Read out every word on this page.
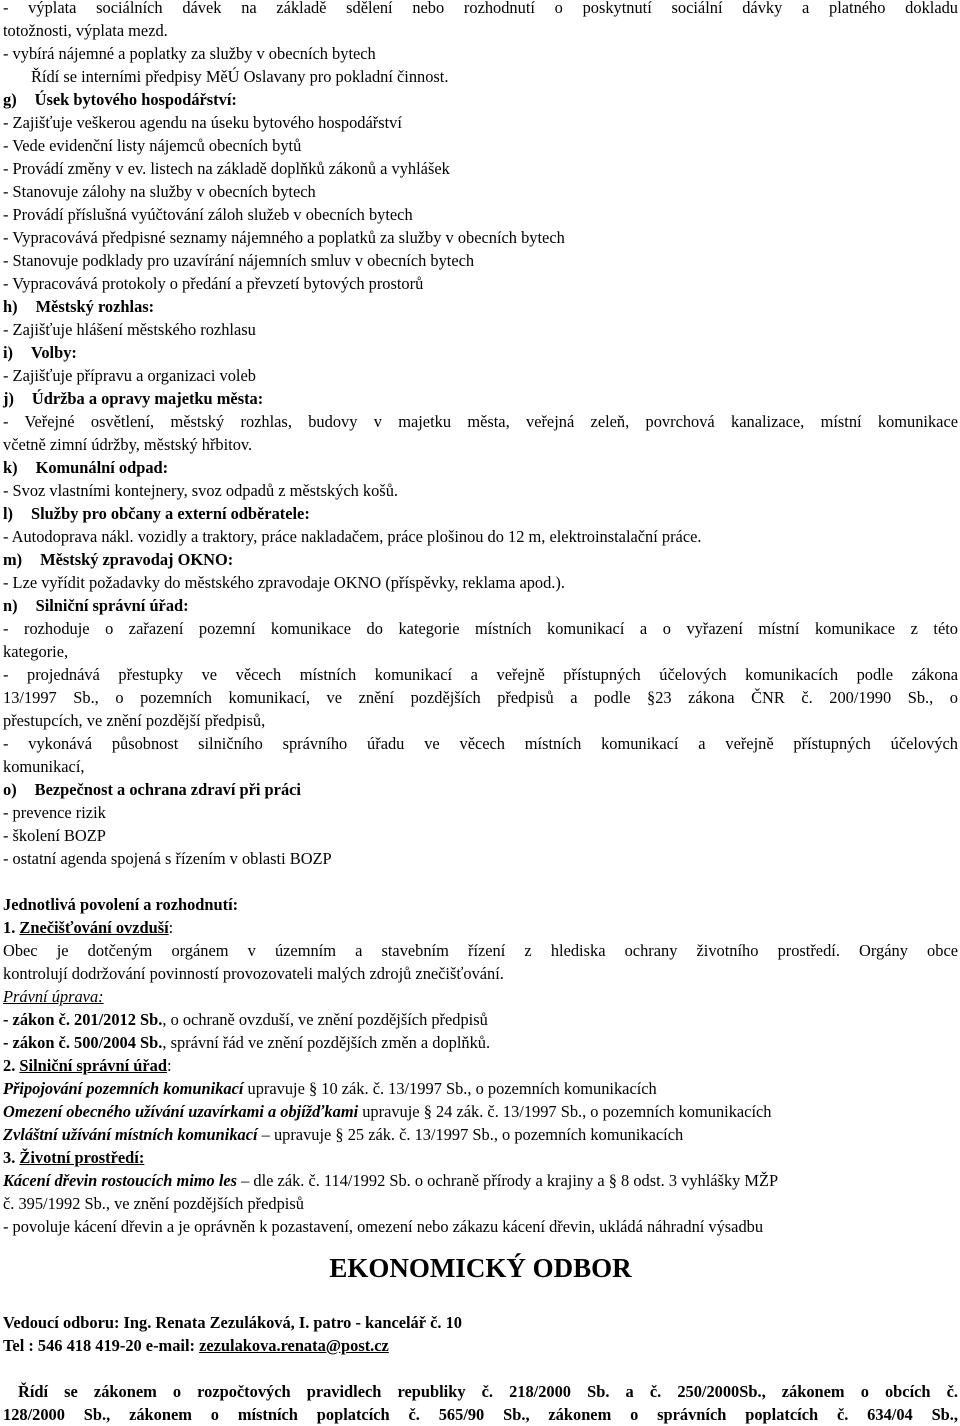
- výplata sociálních dávek na základě sdělení nebo rozhodnutí o poskytnutí sociální dávky a platného dokladu
totožnosti, výplata mezd.
- vybírá nájemné a poplatky za služby v obecních bytech
Řídí se interními předpisy MěÚ Oslavany pro pokladní činnost.
g) Úsek bytového hospodářství:
- Zajišťuje veškerou agendu na úseku bytového hospodářství
- Vede evidenční listy nájemců obecních bytů
- Provádí změny v ev. listech na základě doplňků zákonů a vyhlášek
- Stanovuje zálohy na služby v obecních bytech
- Provádí příslušná vyúčtování záloh služeb v obecních bytech
- Vypracovává předpisné seznamy nájemného a poplatků za služby v obecních bytech
- Stanovuje podklady pro uzavírání nájemních smluv v obecních bytech
- Vypracovává protokoly o předání a převzetí bytových prostorů
h) Městský rozhlas:
- Zajišťuje hlášení městského rozhlasu
i) Volby:
- Zajišťuje přípravu a organizaci voleb
j) Údržba a opravy majetku města:
- Veřejné osvětlení, městský rozhlas, budovy v majetku města, veřejná zeleň, povrchová kanalizace, místní komunikace
včetně zimní údržby, městský hřbitov.
k) Komunální odpad:
- Svoz vlastními kontejnery, svoz odpadů z městských košů.
l) Služby pro občany a externí odběratele:
- Autodoprava nákl. vozidly a traktory, práce nakladačem, práce plošinou do 12 m, elektroinstalační práce.
m) Městský zpravodaj OKNO:
- Lze vyřídit požadavky do městského zpravodaje OKNO (příspěvky, reklama apod.).
n) Silniční správní úřad:
- rozhoduje o zařazení pozemní komunikace do kategorie místních komunikací a o vyřazení místní komunikace z této
kategorie,
- projednává přestupky ve věcech místních komunikací a veřejně přístupných účelových komunikacích podle zákona
13/1997 Sb., o pozemních komunikací, ve znění pozdějších předpisů a podle §23 zákona ČNR č. 200/1990 Sb., o
přestupcích, ve znění pozdější předpisů,
- vykonává působnost silničního správního úřadu ve věcech místních komunikací a veřejně přístupných účelových
komunikací,
o) Bezpečnost a ochrana zdraví při práci
- prevence rizik
- školení BOZP
- ostatní agenda spojená s řízením v oblasti BOZP
Jednotlivá povolení a rozhodnutí:
1. Znečišťování ovzduší:
Obec je dotčeným orgánem v územním a stavebním řízení z hlediska ochrany životního prostředí. Orgány obce
kontrolují dodržování povinností provozovateli malých zdrojů znečišťování.
Právní úprava:
- zákon č. 201/2012 Sb., o ochraně ovzduší, ve znění pozdějších předpisů
- zákon č. 500/2004 Sb., správní řád ve znění pozdějších změn a doplňků.
2. Silniční správní úřad:
Připojování pozemních komunikací upravuje § 10 zák. č. 13/1997 Sb., o pozemních komunikacích
Omezení obecného užívání uzavírkami a objížďkami upravuje § 24 zák. č. 13/1997 Sb., o pozemních komunikacích
Zvláštní užívání místních komunikací – upravuje § 25 zák. č. 13/1997 Sb., o pozemních komunikacích
3. Životní prostředí:
Kácení dřevin rostoucích mimo les – dle zák. č. 114/1992 Sb. o ochraně přírody a krajiny a § 8 odst. 3 vyhlášky MŽP
č. 395/1992 Sb., ve znění pozdějších předpisů
- povoluje kácení dřevin a je oprávněn k pozastavení, omezení nebo zákazu kácení dřevin, ukládá náhradní výsadbu
EKONOMICKÝ ODBOR
Vedoucí odboru: Ing. Renata Zezuláková, I. patro - kancelář č. 10
Tel : 546 418 419-20 e-mail: zezulakova.renata@post.cz
Řídí se zákonem o rozpočtových pravidlech republiky č. 218/2000 Sb. a č. 250/2000Sb., zákonem o obcích č.
128/2000 Sb., zákonem o místních poplatcích č. 565/90 Sb., zákonem o správních poplatcích č. 634/04 Sb.,
